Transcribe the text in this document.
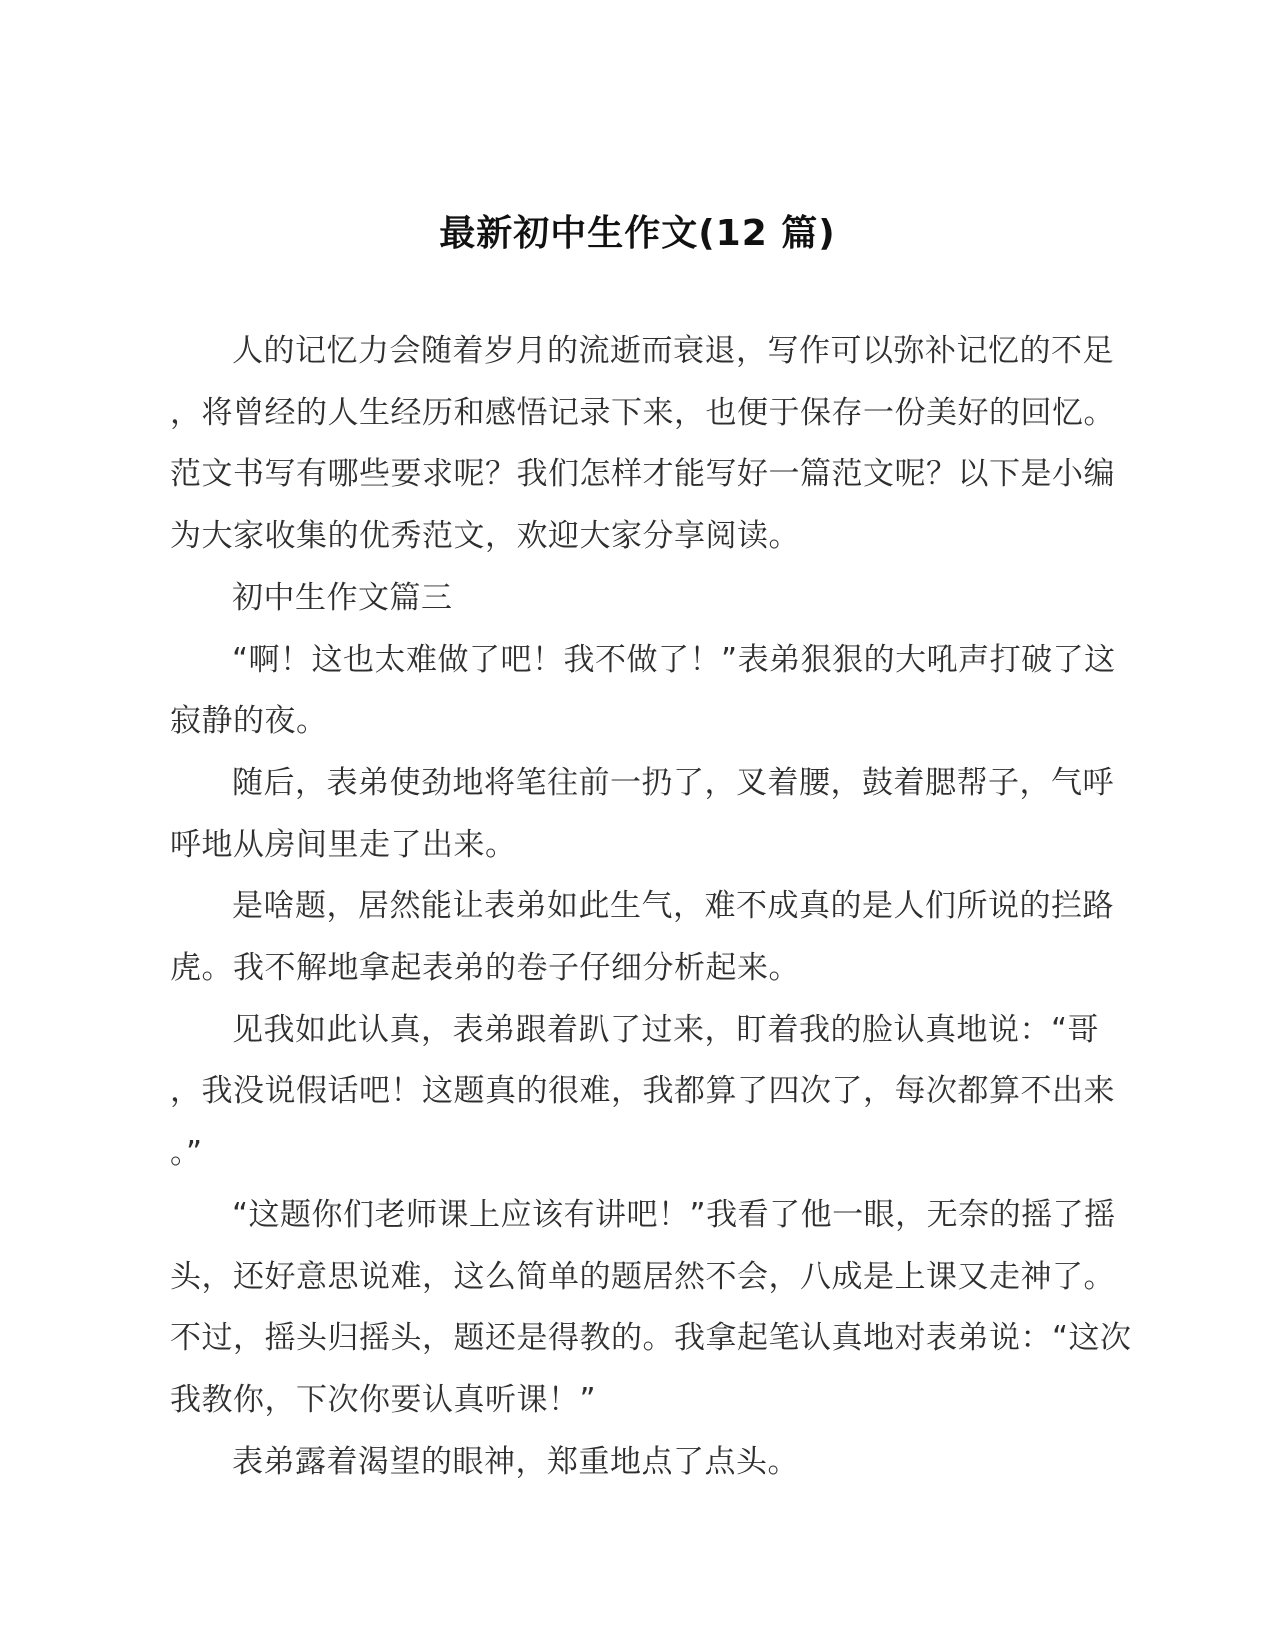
最新初中生作文(12 篇)
人的记忆力会随着岁月的流逝而衰退，写作可以弥补记忆的不足
，将曾经的人生经历和感悟记录下来，也便于保存一份美好的回忆。
范文书写有哪些要求呢？我们怎样才能写好一篇范文呢？以下是小编
为大家收集的优秀范文，欢迎大家分享阅读。
初中生作文篇三
“啊！这也太难做了吧！我不做了！”表弟狠狠的大吼声打破了这
寂静的夜。
随后，表弟使劲地将笔往前一扔了，叉着腰，鼓着腮帮子，气呼
呼地从房间里走了出来。
是啥题，居然能让表弟如此生气，难不成真的是人们所说的拦路
虎。我不解地拿起表弟的卷子仔细分析起来。
见我如此认真，表弟跟着趴了过来，盯着我的脸认真地说：“哥
，我没说假话吧！这题真的很难，我都算了四次了，每次都算不出来
。”
“这题你们老师课上应该有讲吧！”我看了他一眼，无奈的摇了摇
头，还好意思说难，这么简单的题居然不会，八成是上课又走神了。
不过，摇头归摇头，题还是得教的。我拿起笔认真地对表弟说：“这次
我教你，下次你要认真听课！”
表弟露着渴望的眼神，郑重地点了点头。
